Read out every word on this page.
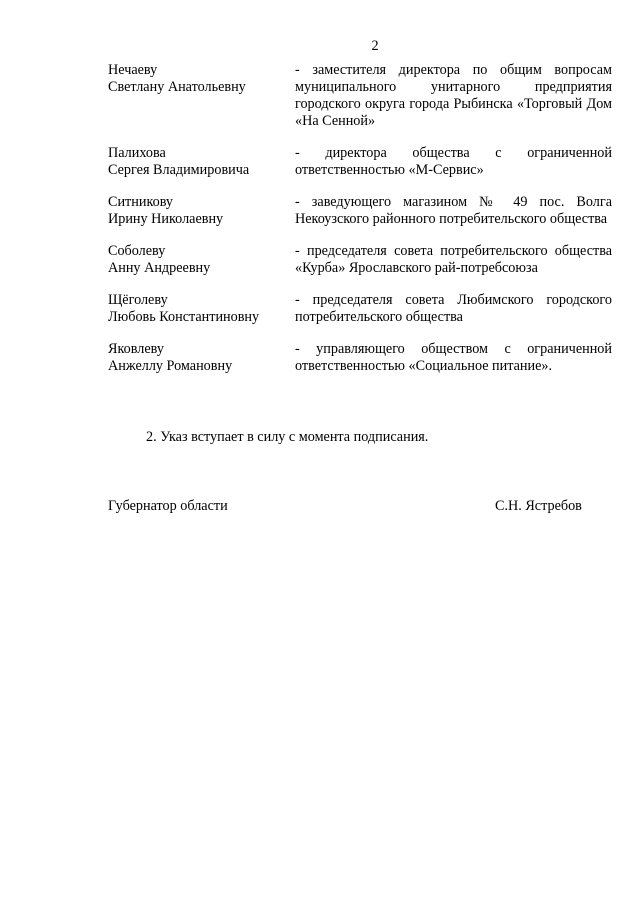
2
Нечаеву
Светлану Анатольевну
- заместителя директора по общим вопросам муниципального унитарного предприятия городского округа города Рыбинска «Торговый Дом «На Сенной»
Палихова
Сергея Владимировича
- директора общества с ограниченной ответственностью «М-Сервис»
Ситникову
Ирину Николаевну
- заведующего магазином № 49 пос. Волга Некоузского районного потребительского общества
Соболеву
Анну Андреевну
- председателя совета потребительского общества «Курба» Ярославского рай-потребсоюза
Щёголеву
Любовь Константиновну
- председателя совета Любимского городского потребительского общества
Яковлеву
Анжеллу Романовну
- управляющего обществом с ограниченной ответственностью «Социальное питание».
2. Указ вступает в силу с момента подписания.
Губернатор области	С.Н. Ястребов
